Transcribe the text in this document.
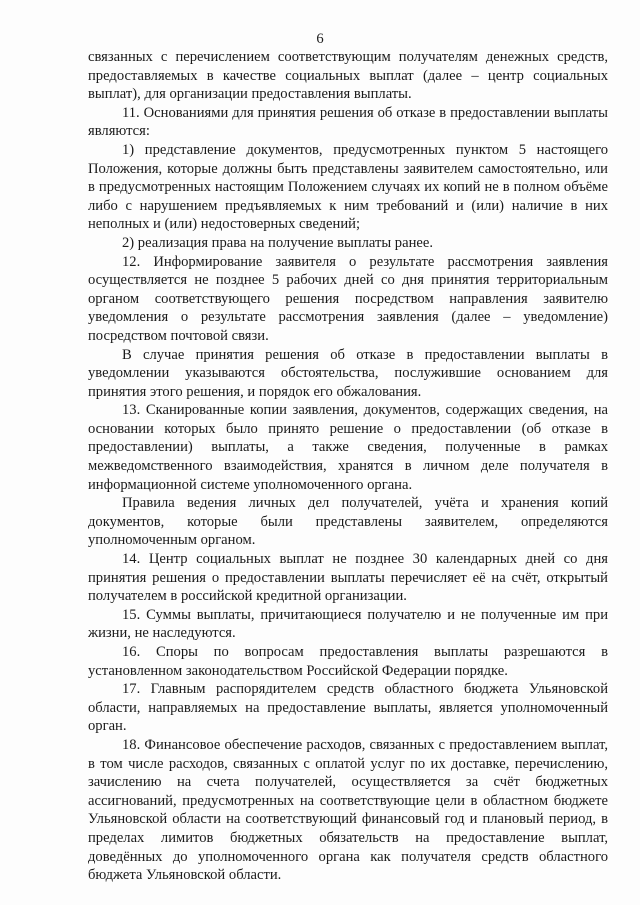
6

связанных с перечислением соответствующим получателям денежных средств, предоставляемых в качестве социальных выплат (далее – центр социальных выплат), для организации предоставления выплаты.

11. Основаниями для принятия решения об отказе в предоставлении выплаты являются:

1) представление документов, предусмотренных пунктом 5 настоящего Положения, которые должны быть представлены заявителем самостоятельно, или в предусмотренных настоящим Положением случаях их копий не в полном объёме либо с нарушением предъявляемых к ним требований и (или) наличие в них неполных и (или) недостоверных сведений;

2) реализация права на получение выплаты ранее.

12. Информирование заявителя о результате рассмотрения заявления осуществляется не позднее 5 рабочих дней со дня принятия территориальным органом соответствующего решения посредством направления заявителю уведомления о результате рассмотрения заявления (далее – уведомление) посредством почтовой связи.

В случае принятия решения об отказе в предоставлении выплаты в уведомлении указываются обстоятельства, послужившие основанием для принятия этого решения, и порядок его обжалования.

13. Сканированные копии заявления, документов, содержащих сведения, на основании которых было принято решение о предоставлении (об отказе в предоставлении) выплаты, а также сведения, полученные в рамках межведомственного взаимодействия, хранятся в личном деле получателя в информационной системе уполномоченного органа.

Правила ведения личных дел получателей, учёта и хранения копий документов, которые были представлены заявителем, определяются уполномоченным органом.

14. Центр социальных выплат не позднее 30 календарных дней со дня принятия решения о предоставлении выплаты перечисляет её на счёт, открытый получателем в российской кредитной организации.

15. Суммы выплаты, причитающиеся получателю и не полученные им при жизни, не наследуются.

16. Споры по вопросам предоставления выплаты разрешаются в установленном законодательством Российской Федерации порядке.

17. Главным распорядителем средств областного бюджета Ульяновской области, направляемых на предоставление выплаты, является уполномоченный орган.

18. Финансовое обеспечение расходов, связанных с предоставлением выплат, в том числе расходов, связанных с оплатой услуг по их доставке, перечислению, зачислению на счета получателей, осуществляется за счёт бюджетных ассигнований, предусмотренных на соответствующие цели в областном бюджете Ульяновской области на соответствующий финансовый год и плановый период, в пределах лимитов бюджетных обязательств на предоставление выплат, доведённых до уполномоченного органа как получателя средств областного бюджета Ульяновской области.
